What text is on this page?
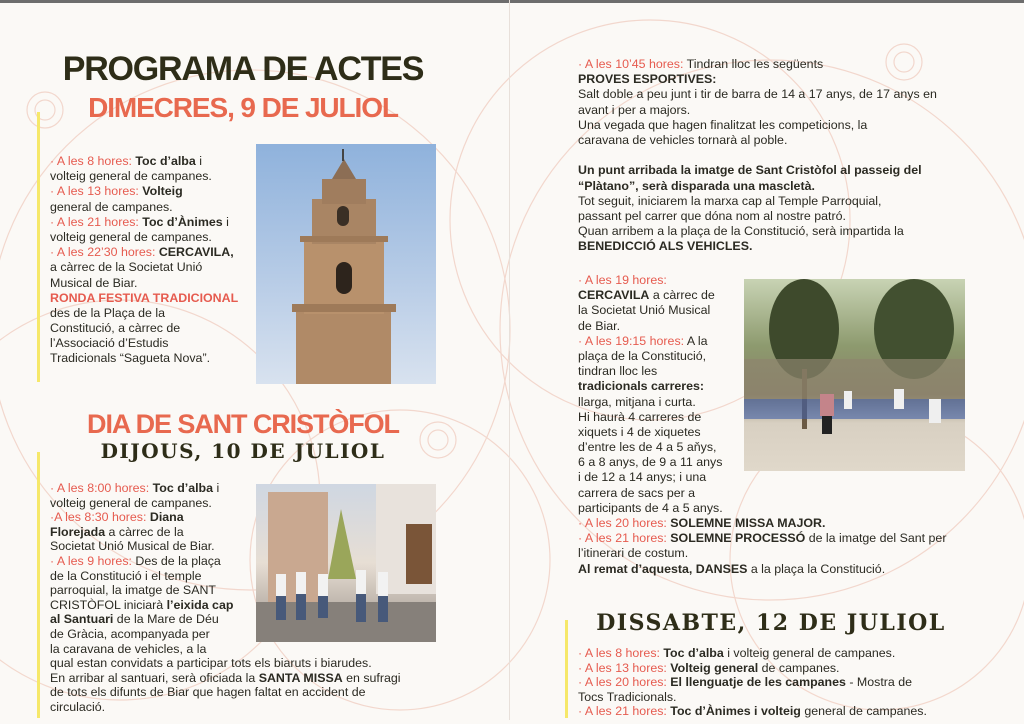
PROGRAMA DE ACTES
DIMECRES, 9 DE JULIOL
DIA DE SANT CRISTÒFOL
DIJOUS, 10 DE JULIOL
DISSABTE, 12 DE JULIOL
· A les 8 hores: Toc d’alba i
volteig general de campanes.
· A les 13 hores: Volteig
general de campanes.
· A les 21 hores: Toc d’Ànimes i
volteig general de campanes.
· A les 22’30 hores: CERCAVILA,
a càrrec de la Societat Unió
Musical de Biar.
RONDA FESTIVA TRADICIONAL
des de la Plaça de la
Constitució, a càrrec de
l’Associació d’Estudis
Tradicionals “Sagueta Nova”.
· A les 8:00 hores: Toc d’alba i
volteig general de campanes.
·A les 8:30 hores: Diana
Florejada a càrrec de la
Societat Unió Musical de Biar.
· A les 9 hores: Des de la plaça
de la Constitució i el temple
parroquial, la imatge de SANT
CRISTÒFOL iniciarà l’eixida cap
al Santuari de la Mare de Déu
de Gràcia, acompanyada per
la caravana de vehicles, a la
qual estan convidats a participar tots els biaruts i biarudes.
En arribar al santuari, serà oficiada la SANTA MISSA en sufragi
de tots els difunts de Biar que hagen faltat en accident de
circulació.
· A les 10’45 hores: Tindran lloc les següents
PROVES ESPORTIVES:
Salt doble a peu junt i tir de barra de 14 a 17 anys, de 17 anys en
avant i per a majors.
Una vegada que hagen finalitzat les competicions, la
caravana de vehicles tornarà al poble.
Un punt arribada la imatge de Sant Cristòfol al passeig del
“Plàtano”, serà disparada una mascletà.
Tot seguit, iniciarem la marxa cap al Temple Parroquial,
passant pel carrer que dóna nom al nostre patró.
Quan arribem a la plaça de la Constitució, serà impartida la
BENEDICCIÓ ALS VEHICLES.
· A les 19 hores:
CERCAVILA a càrrec de
la Societat Unió Musical
de Biar.
· A les 19:15 hores: A la
plaça de la Constitució,
tindran lloc les
tradicionals carreres:
llarga, mitjana i curta.
Hi haurà 4 carreres de
xiquets i 4 de xiquetes
d’entre les de 4 a 5 aňys,
6 a 8 anys, de 9 a 11 anys
i de 12 a 14 anys; i una
carrera de sacs per a
participants de 4 a 5 anys.
· A les 20 hores: SOLEMNE MISSA MAJOR.
· A les 21 hores: SOLEMNE PROCESSÓ de la imatge del Sant per
l’itinerari de costum.
Al remat d’aquesta, DANSES a la plaça la Constitució.
· A les 8 hores: Toc d’alba i volteig general de campanes.
· A les 13 hores: Volteig general de campanes.
· A les 20 hores: El llenguatje de les campanes - Mostra de
Tocs Tradicionals.
· A les 21 hores: Toc d’Ànimes i volteig general de campanes.
